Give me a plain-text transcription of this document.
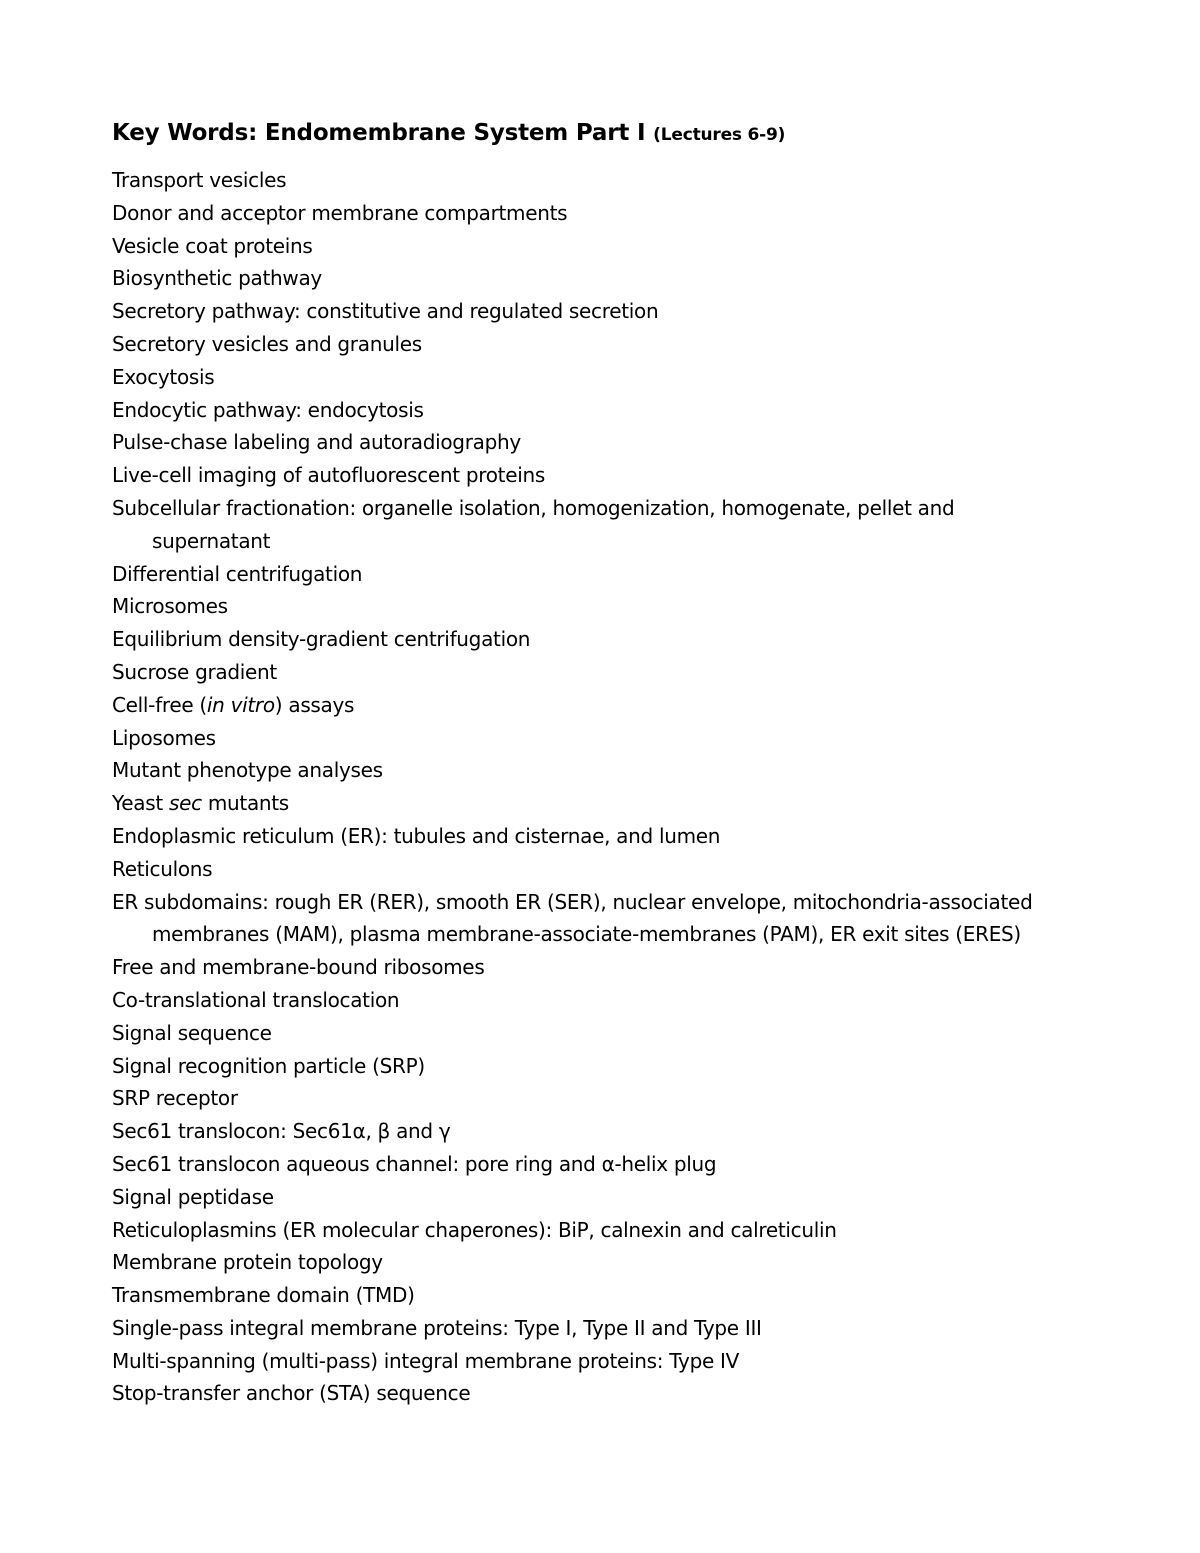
Key Words: Endomembrane System Part I (Lectures 6-9)
Transport vesicles
Donor and acceptor membrane compartments
Vesicle coat proteins
Biosynthetic pathway
Secretory pathway: constitutive and regulated secretion
Secretory vesicles and granules
Exocytosis
Endocytic pathway: endocytosis
Pulse-chase labeling and autoradiography
Live-cell imaging of autofluorescent proteins
Subcellular fractionation: organelle isolation, homogenization, homogenate, pellet and supernatant
Differential centrifugation
Microsomes
Equilibrium density-gradient centrifugation
Sucrose gradient
Cell-free (in vitro) assays
Liposomes
Mutant phenotype analyses
Yeast sec mutants
Endoplasmic reticulum (ER): tubules and cisternae, and lumen
Reticulons
ER subdomains: rough ER (RER), smooth ER (SER), nuclear envelope, mitochondria-associated membranes (MAM), plasma membrane-associate-membranes (PAM), ER exit sites (ERES)
Free and membrane-bound ribosomes
Co-translational translocation
Signal sequence
Signal recognition particle (SRP)
SRP receptor
Sec61 translocon: Sec61α, β and γ
Sec61 translocon aqueous channel: pore ring and α-helix plug
Signal peptidase
Reticuloplasmins (ER molecular chaperones): BiP, calnexin and calreticulin
Membrane protein topology
Transmembrane domain (TMD)
Single-pass integral membrane proteins: Type I, Type II and Type III
Multi-spanning (multi-pass) integral membrane proteins: Type IV
Stop-transfer anchor (STA) sequence
